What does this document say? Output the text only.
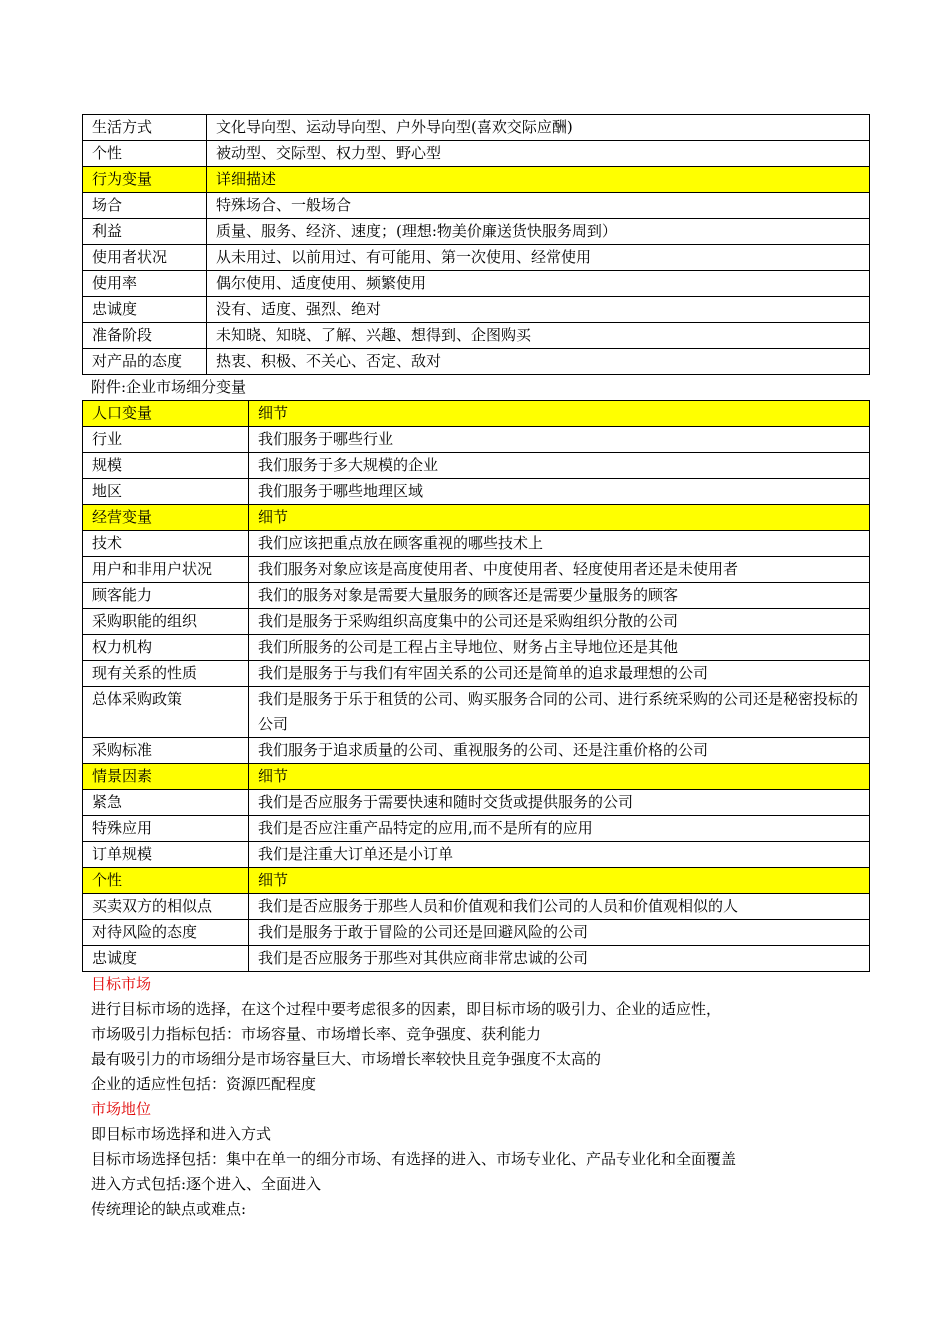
生活方式	文化导向型、运动导向型、户外导向型(喜欢交际应酬)
个性	被动型、交际型、权力型、野心型
行为变量	详细描述
场合	特殊场合、一般场合
利益	质量、服务、经济、速度；(理想:物美价廉送货快服务周到）
使用者状况	从未用过、以前用过、有可能用、第一次使用、经常使用
使用率	偶尔使用、适度使用、频繁使用
忠诚度	没有、适度、强烈、绝对
准备阶段	未知晓、知晓、了解、兴趣、想得到、企图购买
对产品的态度	热衷、积极、不关心、否定、敌对
附件:企业市场细分变量
人口变量	细节
行业	我们服务于哪些行业
规模	我们服务于多大规模的企业
地区	我们服务于哪些地理区域
经营变量	细节
技术	我们应该把重点放在顾客重视的哪些技术上
用户和非用户状况	我们服务对象应该是高度使用者、中度使用者、轻度使用者还是未使用者
顾客能力	我们的服务对象是需要大量服务的顾客还是需要少量服务的顾客
采购职能的组织	我们是服务于采购组织高度集中的公司还是采购组织分散的公司
权力机构	我们所服务的公司是工程占主导地位、财务占主导地位还是其他
现有关系的性质	我们是服务于与我们有牢固关系的公司还是简单的追求最理想的公司
总体采购政策	我们是服务于乐于租赁的公司、购买服务合同的公司、进行系统采购的公司还是秘密投标的公司
采购标准	我们服务于追求质量的公司、重视服务的公司、还是注重价格的公司
情景因素	细节
紧急	我们是否应服务于需要快速和随时交货或提供服务的公司
特殊应用	我们是否应注重产品特定的应用,而不是所有的应用
订单规模	我们是注重大订单还是小订单
个性	细节
买卖双方的相似点	我们是否应服务于那些人员和价值观和我们公司的人员和价值观相似的人
对待风险的态度	我们是服务于敢于冒险的公司还是回避风险的公司
忠诚度	我们是否应服务于那些对其供应商非常忠诚的公司
目标市场
进行目标市场的选择，在这个过程中要考虑很多的因素，即目标市场的吸引力、企业的适应性，
市场吸引力指标包括：市场容量、市场增长率、竞争强度、获利能力
最有吸引力的市场细分是市场容量巨大、市场增长率较快且竞争强度不太高的
企业的适应性包括：资源匹配程度
市场地位
即目标市场选择和进入方式
目标市场选择包括：集中在单一的细分市场、有选择的进入、市场专业化、产品专业化和全面覆盖
进入方式包括:逐个进入、全面进入
传统理论的缺点或难点:
